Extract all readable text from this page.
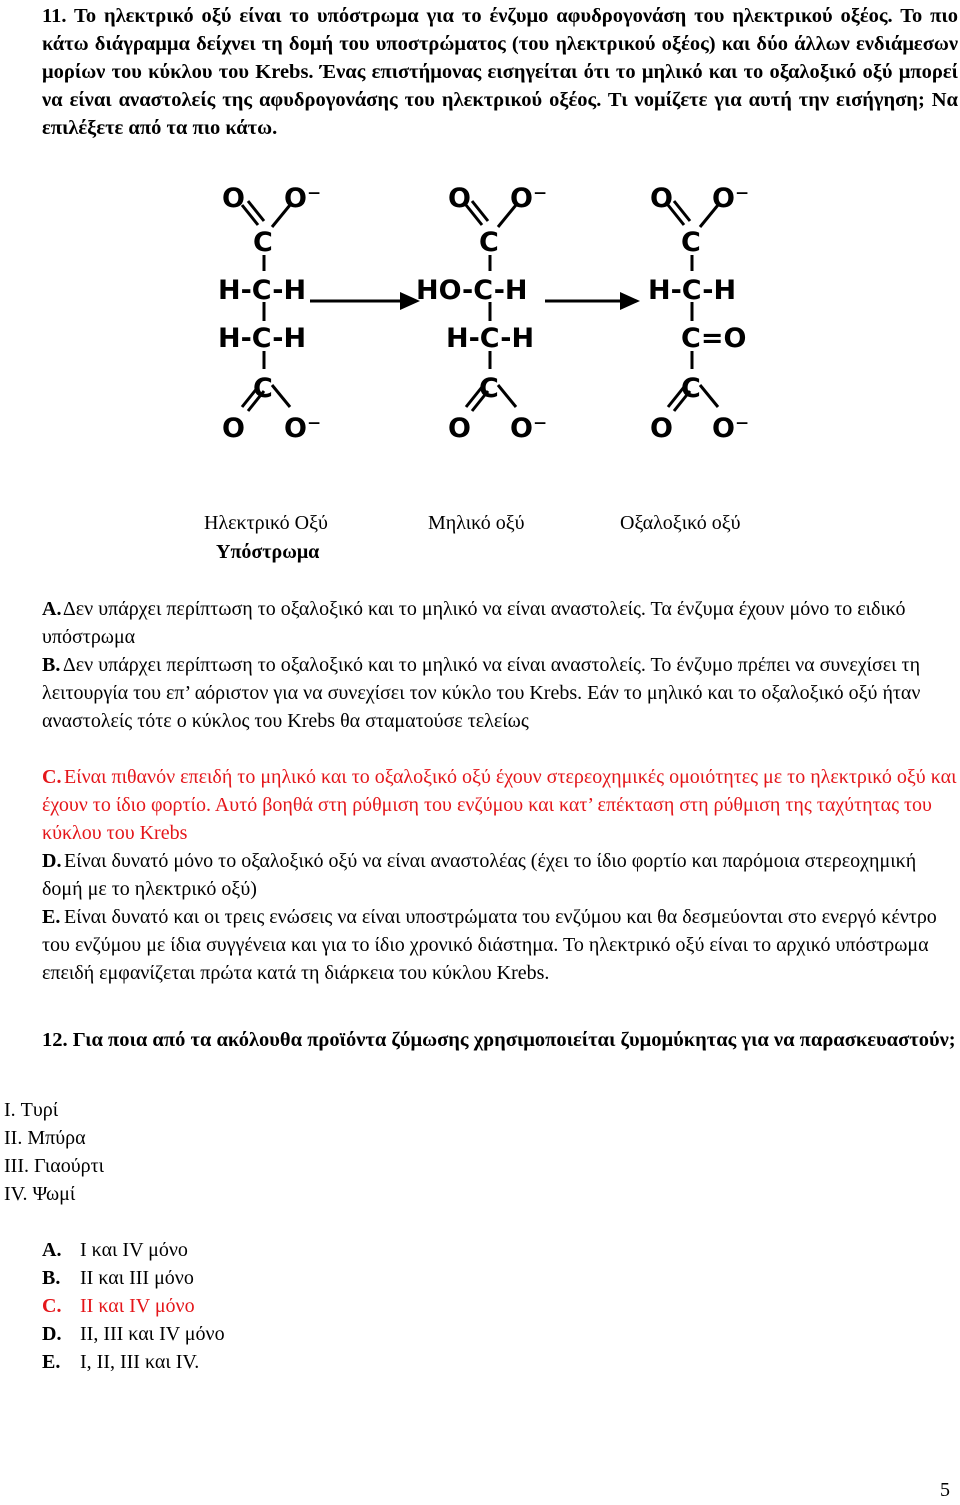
11. Το ηλεκτρικό οξύ είναι το υπόστρωμα για το ένζυμο αφυδρογονάση του ηλεκτρικού οξέος. Το πιο κάτω διάγραμμα δείχνει τη δομή του υποστρώματος (του ηλεκτρικού οξέος) και δύο άλλων ενδιάμεσων μορίων του κύκλου του Krebs. Ένας επιστήμονας εισηγείται ότι το μηλικό και το οξαλοξικό οξύ μπορεί να είναι αναστολείς της αφυδρογονάσης του ηλεκτρικού οξέος. Τι νομίζετε για αυτή την εισήγηση; Να επιλέξετε από τα πιο κάτω.

O O⁻
C
H-C-H
H-C-H
C
O O⁻
O O⁻
C
HO-C-H
H-C-H
C
O O⁻
O O⁻
C
H-C-H
C=O
C
O O⁻

Ηλεκτρικό Οξύ	Μηλικό οξύ	Οξαλοξικό οξύ

Υπόστρωμα

A. Δεν υπάρχει περίπτωση το οξαλοξικό και το μηλικό να είναι αναστολείς. Τα ένζυμα έχουν μόνο το ειδικό υπόστρωμα

B. Δεν υπάρχει περίπτωση το οξαλοξικό και το μηλικό να είναι αναστολείς. Το ένζυμο πρέπει να συνεχίσει τη λειτουργία του επ’ αόριστον για να συνεχίσει τον κύκλο του Krebs. Εάν το μηλικό και το οξαλοξικό οξύ ήταν αναστολείς τότε ο κύκλος του Krebs θα σταματούσε τελείως

C. Είναι πιθανόν επειδή το μηλικό και το οξαλοξικό οξύ έχουν στερεοχημικές ομοιότητες με το ηλεκτρικό οξύ και έχουν το ίδιο φορτίο. Αυτό βοηθά στη ρύθμιση του ενζύμου και κατ’ επέκταση στη ρύθμιση της ταχύτητας του κύκλου του Krebs

D. Είναι δυνατό μόνο το οξαλοξικό οξύ να είναι αναστολέας (έχει το ίδιο φορτίο και παρόμοια στερεοχημική δομή με το ηλεκτρικό οξύ)

E. Είναι δυνατό και οι τρεις ενώσεις να είναι υποστρώματα του ενζύμου και θα δεσμεύονται στο ενεργό κέντρο του ενζύμου με ίδια συγγένεια και για το ίδιο χρονικό διάστημα. Το ηλεκτρικό οξύ είναι το αρχικό υπόστρωμα επειδή εμφανίζεται πρώτα κατά τη διάρκεια του κύκλου Krebs.

12. Για ποια από τα ακόλουθα προϊόντα ζύμωσης χρησιμοποιείται ζυμομύκητας για να παρασκευαστούν;

I. Τυρί
II. Μπύρα
III. Γιαούρτι
IV. Ψωμί
A. I και IV μόνο
B. II και III μόνο
C. II και IV μόνο
D. II, III και IV μόνο
E. I, II, III και IV.
5
